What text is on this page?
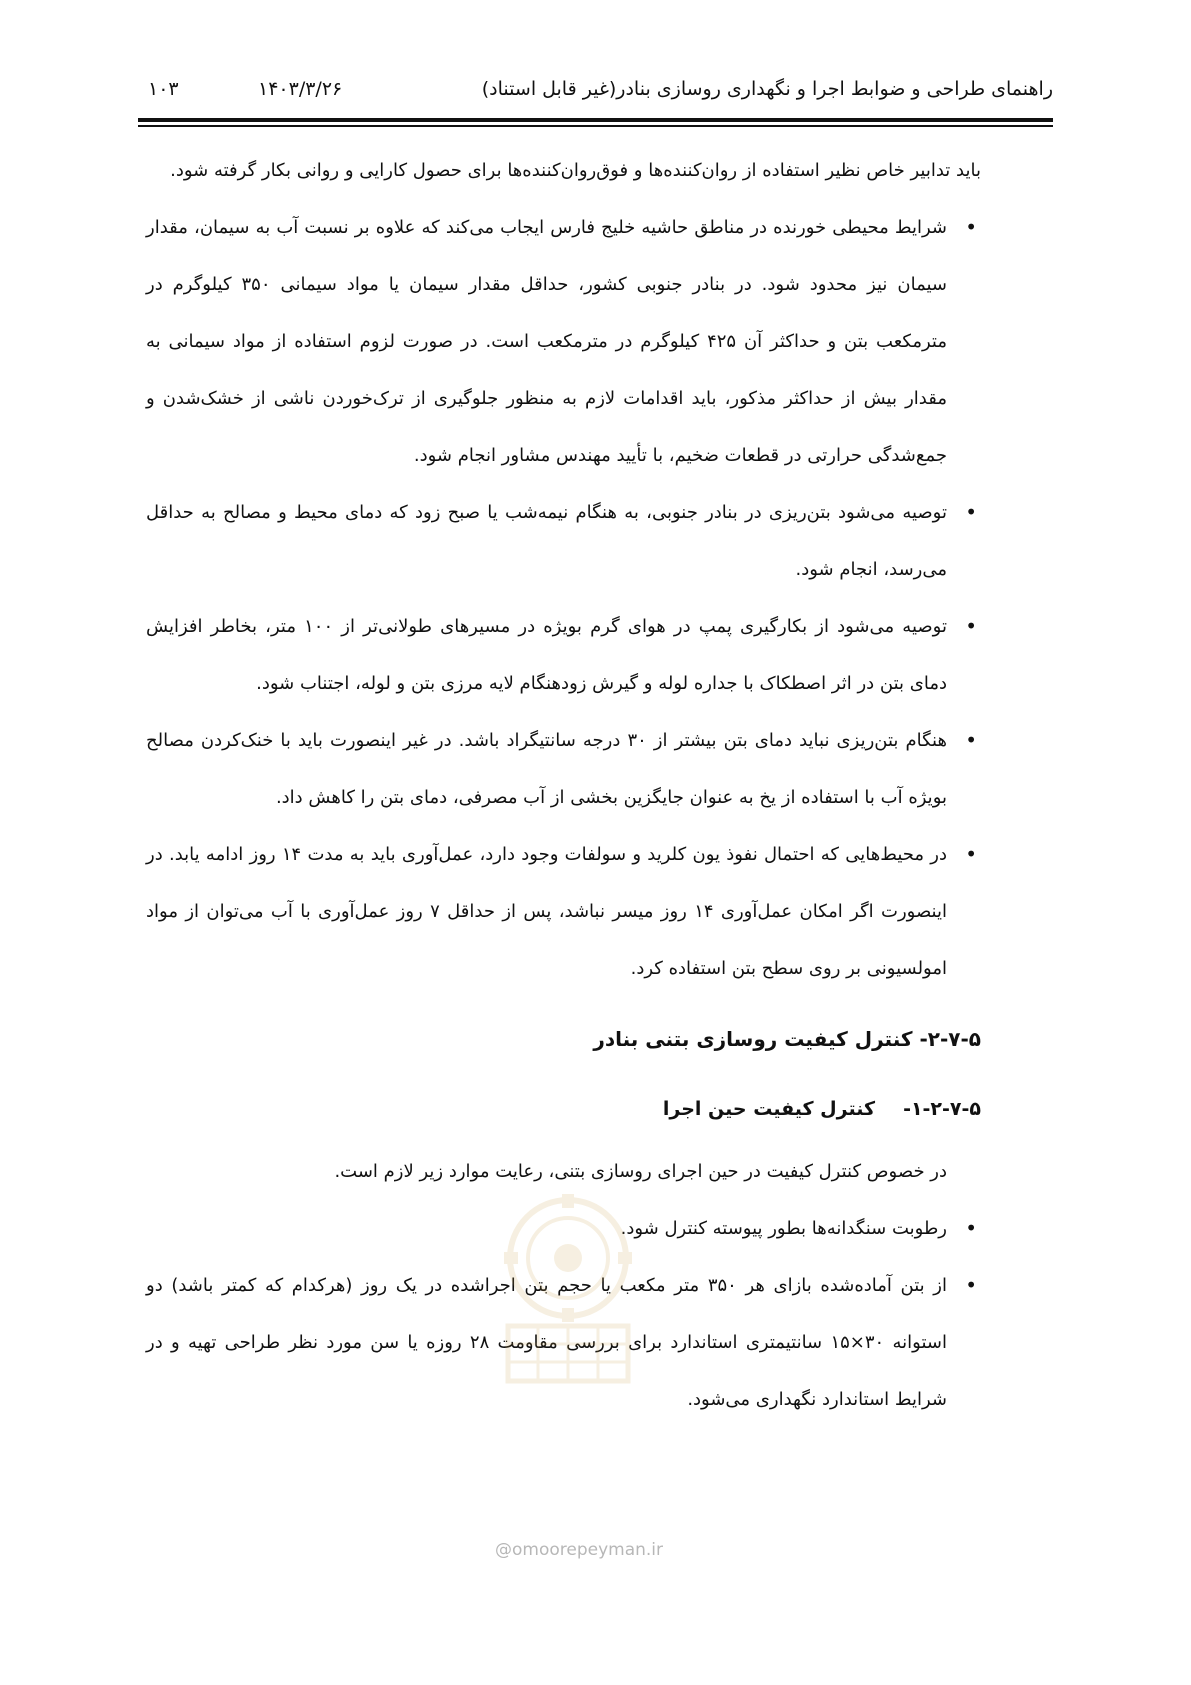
راهنمای طراحی و ضوابط اجرا و نگهداری روسازی بنادر(غیر قابل استناد)
۱۴۰۳/۳/۲۶
۱۰۳

باید تدابیر خاص نظیر استفاده از روان‌کننده‌ها و فوق‌روان‌کننده‌ها برای حصول کارایی و روانی بکار گرفته شود.

• شرایط محیطی خورنده در مناطق حاشیه خلیج فارس ایجاب می‌کند که علاوه بر نسبت آب به سیمان، مقدار سیمان نیز محدود شود. در بنادر جنوبی کشور، حداقل مقدار سیمان یا مواد سیمانی ۳۵۰ کیلوگرم در مترمکعب بتن و حداکثر آن ۴۲۵ کیلوگرم در مترمکعب است. در صورت لزوم استفاده از مواد سیمانی به مقدار بیش از حداکثر مذکور، باید اقدامات لازم به منظور جلوگیری از ترک‌خوردن ناشی از خشک‌شدن و جمع‌شدگی حرارتی در قطعات ضخیم، با تأیید مهندس مشاور انجام شود.
• توصیه می‌شود بتن‌ریزی در بنادر جنوبی، به هنگام نیمه‌شب یا صبح زود که دمای محیط و مصالح به حداقل می‌رسد، انجام شود.
• توصیه می‌شود از بکارگیری پمپ در هوای گرم بویژه در مسیرهای طولانی‌تر از ۱۰۰ متر، بخاطر افزایش دمای بتن در اثر اصطکاک با جداره لوله و گیرش زودهنگام لایه مرزی بتن و لوله، اجتناب شود.
• هنگام بتن‌ریزی نباید دمای بتن بیشتر از ۳۰ درجه سانتیگراد باشد. در غیر اینصورت باید با خنک‌کردن مصالح بویژه آب با استفاده از یخ به عنوان جایگزین بخشی از آب مصرفی، دمای بتن را کاهش داد.
• در محیط‌هایی که احتمال نفوذ یون کلرید و سولفات وجود دارد، عمل‌آوری باید به مدت ۱۴ روز ادامه یابد. در اینصورت اگر امکان عمل‌آوری ۱۴ روز میسر نباشد، پس از حداقل ۷ روز عمل‌آوری با آب می‌توان از مواد امولسیونی بر روی سطح بتن استفاده کرد.
۲-۷-۵- کنترل کیفیت روسازی بتنی بنادر
۱-۲-۷-۵-کنترل کیفیت حین اجرا

در خصوص کنترل کیفیت در حین اجرای روسازی بتنی، رعایت موارد زیر لازم است.

• رطوبت سنگدانه‌ها بطور پیوسته کنترل شود.
• از بتن آماده‌شده بازای هر ۳۵۰ متر مکعب یا حجم بتن اجراشده در یک روز (هرکدام که کمتر باشد) دو استوانه ۳۰×۱۵ سانتیمتری استاندارد برای بررسی مقاومت ۲۸ روزه یا سن مورد نظر طراحی تهیه و در شرایط استاندارد نگهداری می‌شود.
@omoorepeyman.ir
